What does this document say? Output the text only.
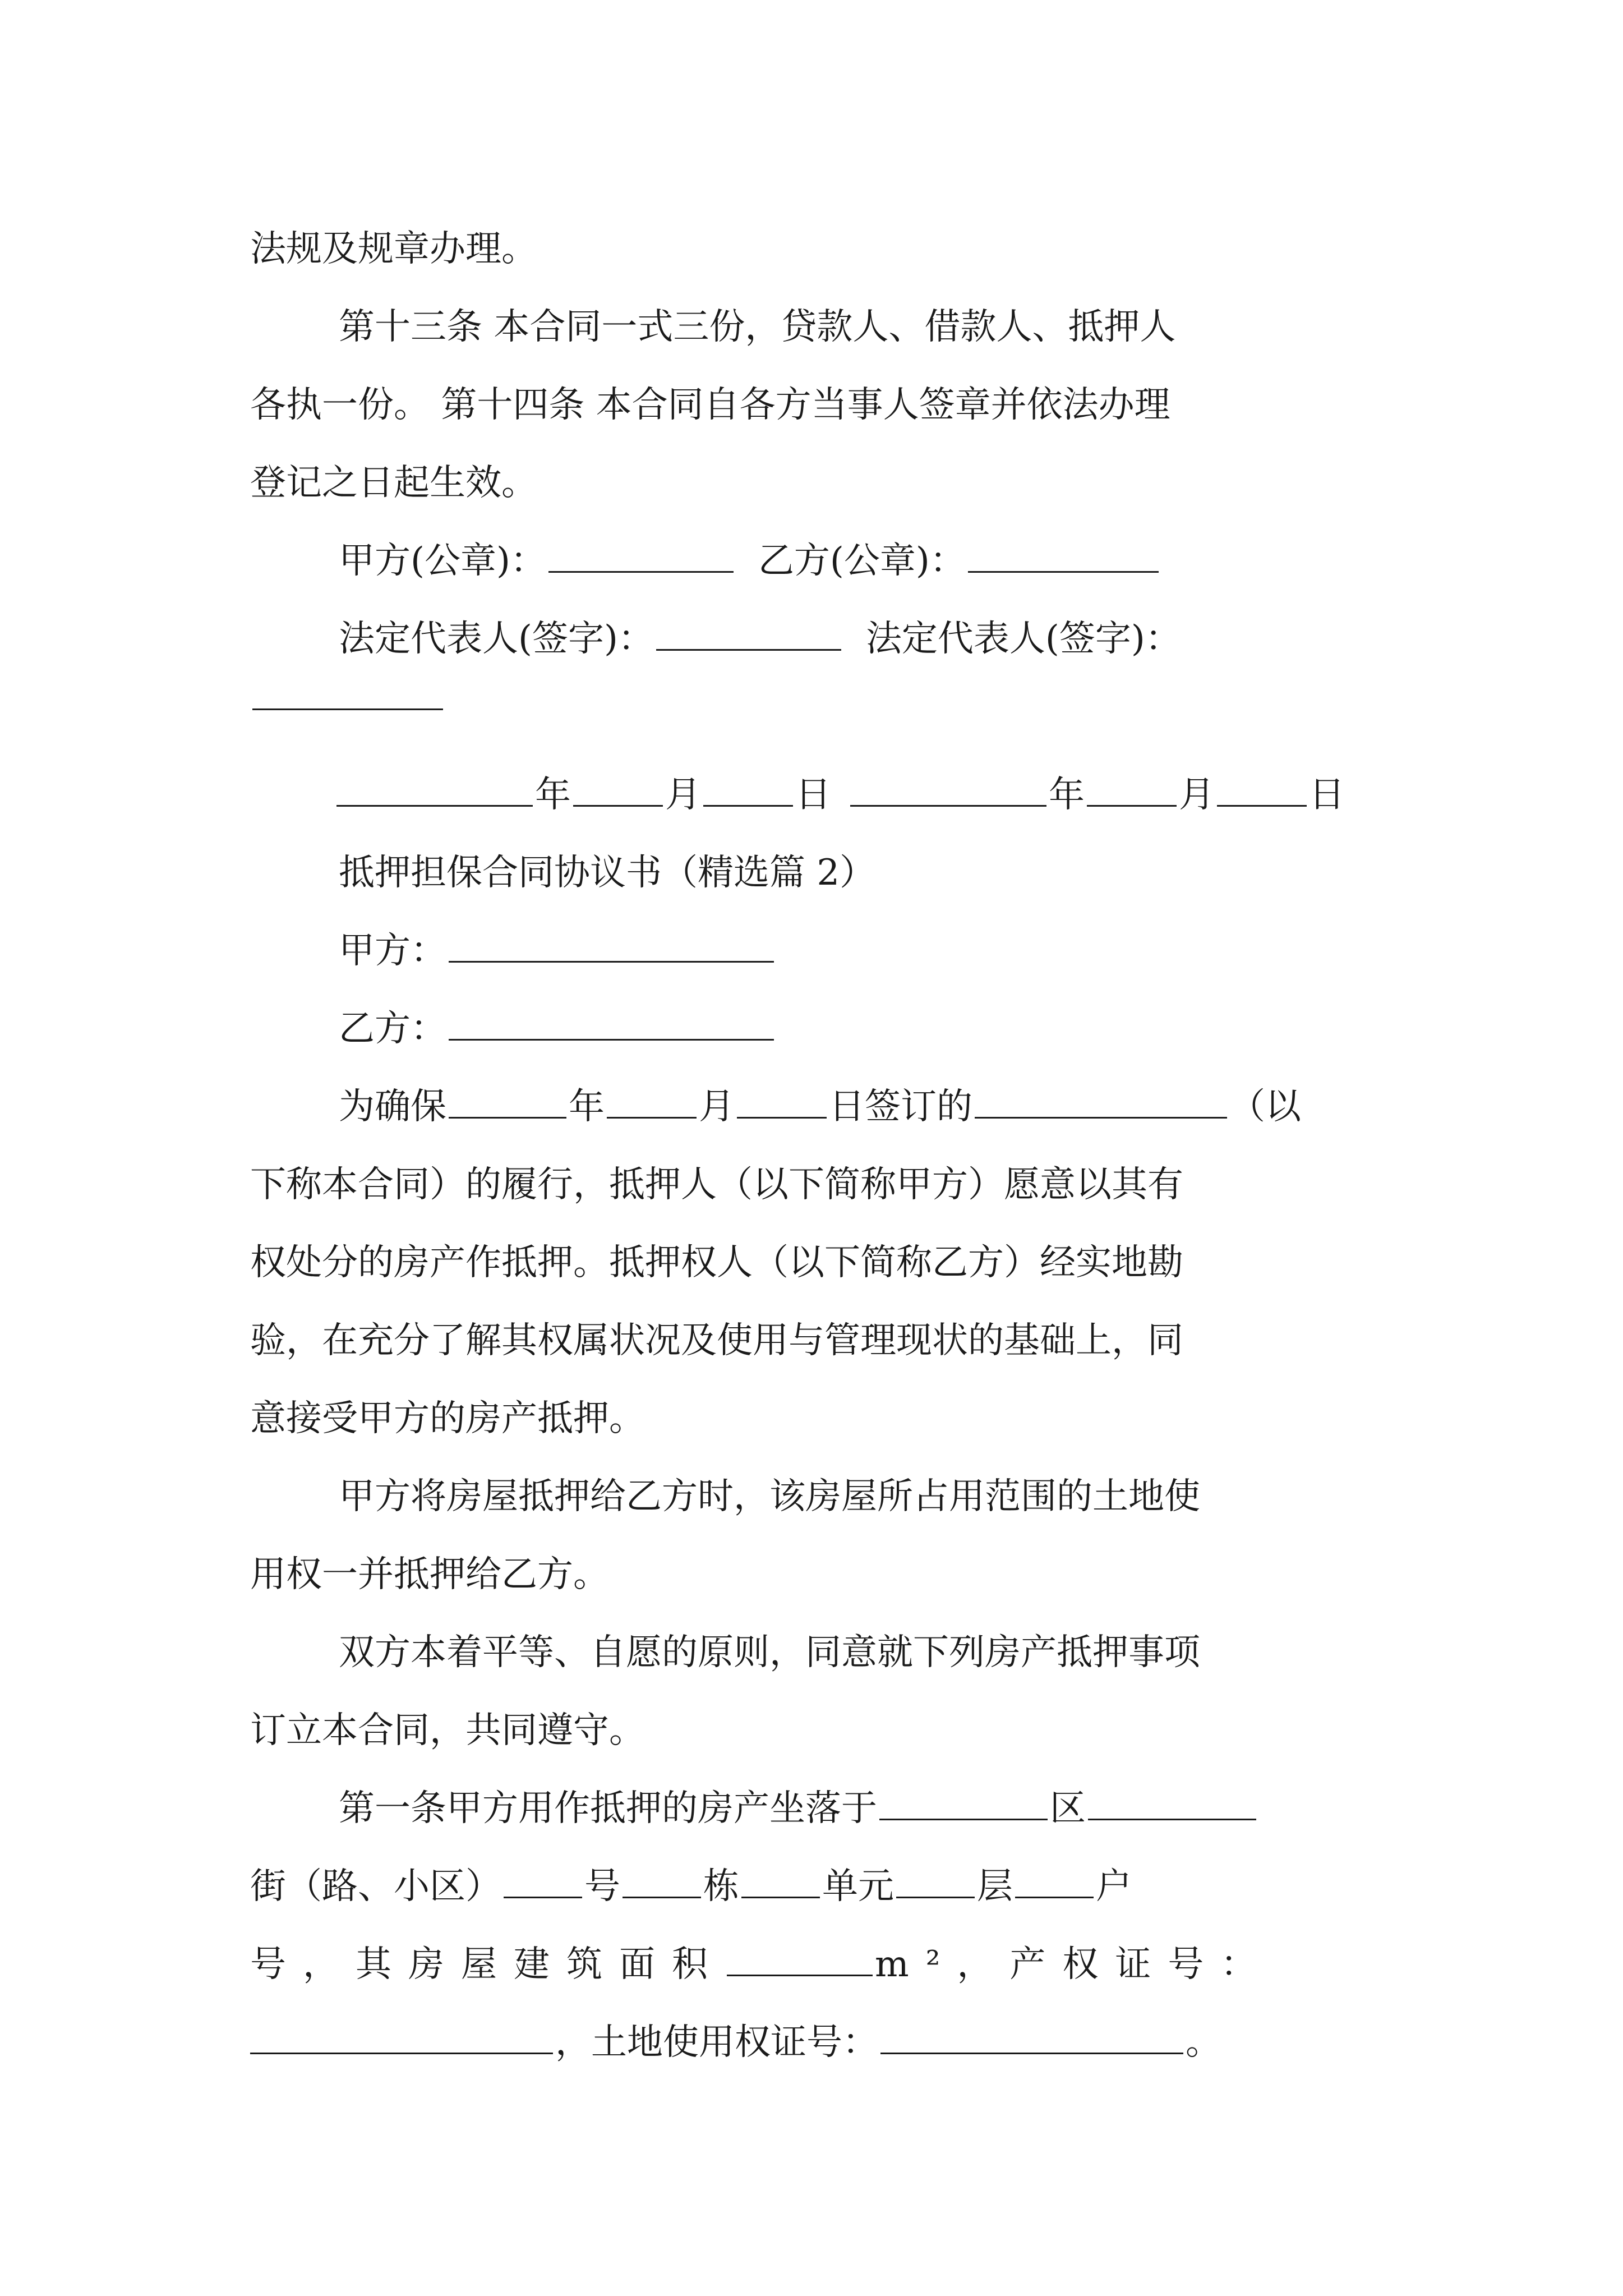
法规及规章办理。

第十三条 本合同一式三份，贷款人、借款人、抵押人
各执一份。 第十四条 本合同自各方当事人签章并依法办理
登记之日起生效。

甲方(公章)：	乙方(公章)：

法定代表人(签字)：	法定代表人(签字)：

年	月	日	年	月	日

抵押担保合同协议书（精选篇 2）

甲方：

乙方：

为确保	年	月	日签订的	（以
下称本合同）的履行，抵押人（以下简称甲方）愿意以其有
权处分的房产作抵押。抵押权人（以下简称乙方）经实地勘
验，在充分了解其权属状况及使用与管理现状的基础上，同
意接受甲方的房产抵押。

甲方将房屋抵押给乙方时，该房屋所占用范围的土地使
用权一并抵押给乙方。

双方本着平等、自愿的原则，同意就下列房产抵押事项
订立本合同，共同遵守。

第一条甲方用作抵押的房产坐落于	区
街（路、小区） 号 栋 单元 层 户
号，其房屋建筑面积	m²，产权证号：
，土地使用权证号：	。
